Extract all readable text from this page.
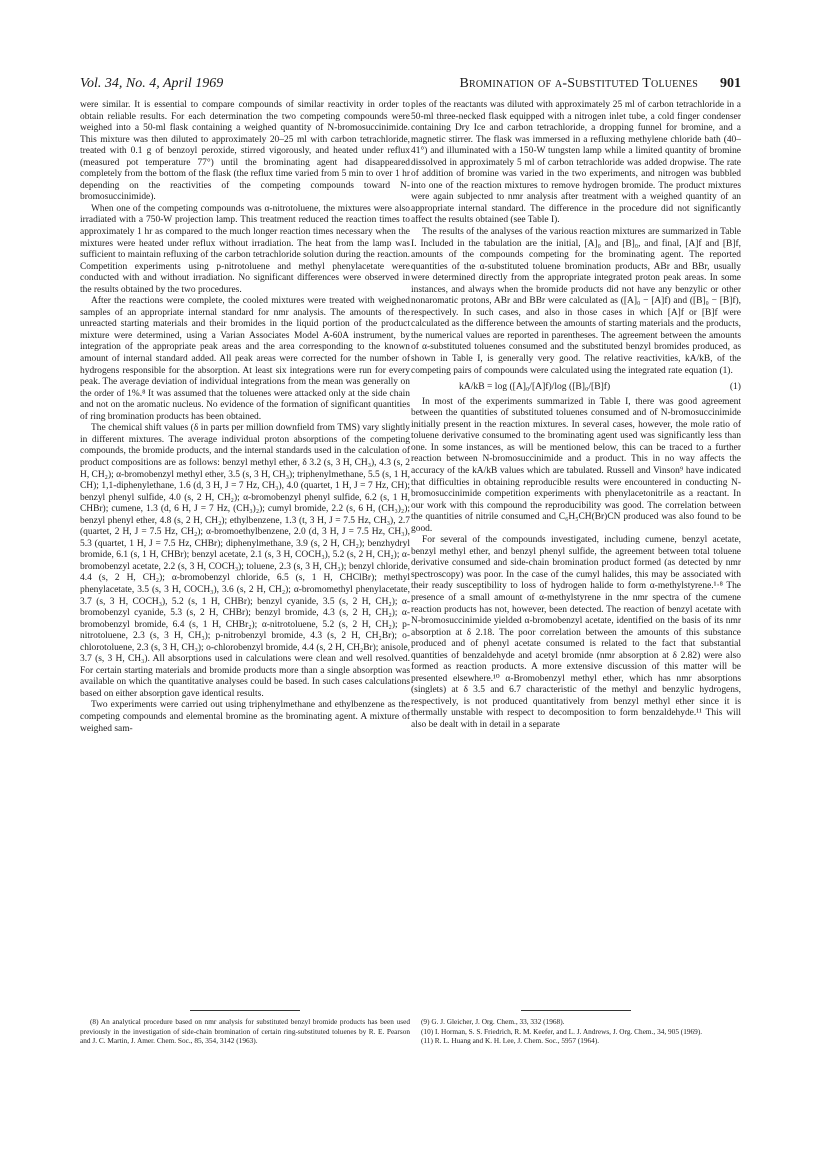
Vol. 34, No. 4, April 1969	Bromination of α-Substituted Toluenes 901

were similar. It is essential to compare compounds of similar reactivity in order to obtain reliable results. For each determination the two competing compounds were weighed into a 50-ml flask containing a weighed quantity of N-bromosuccinimide. This mixture was then diluted to approximately 20–25 ml with carbon tetrachloride, treated with 0.1 g of benzoyl peroxide, stirred vigorously, and heated under reflux (measured pot temperature 77°) until the brominating agent had disappeared completely from the bottom of the flask (the reflux time varied from 5 min to over 1 hr depending on the reactivities of the competing compounds toward N-bromosuccinimide).

When one of the competing compounds was α-nitrotoluene, the mixtures were also irradiated with a 750-W projection lamp. This treatment reduced the reaction times to approximately 1 hr as compared to the much longer reaction times necessary when the mixtures were heated under reflux without irradiation. The heat from the lamp was sufficient to maintain refluxing of the carbon tetrachloride solution during the reaction. Competition experiments using p-nitrotoluene and methyl phenylacetate were conducted with and without irradiation. No significant differences were observed in the results obtained by the two procedures.

After the reactions were complete, the cooled mixtures were treated with weighed samples of an appropriate internal standard for nmr analysis. The amounts of the unreacted starting materials and their bromides in the liquid portion of the product mixture were determined, using a Varian Associates Model A-60A instrument, by integration of the appropriate peak areas and the area corresponding to the known amount of internal standard added. All peak areas were corrected for the number of hydrogens responsible for the absorption. At least six integrations were run for every peak. The average deviation of individual integrations from the mean was generally on the order of 1%.⁸ It was assumed that the toluenes were attacked only at the side chain and not on the aromatic nucleus. No evidence of the formation of significant quantities of ring bromination products has been obtained.

The chemical shift values (δ in parts per million downfield from TMS) vary slightly in different mixtures. The average individual proton absorptions of the competing compounds, the bromide products, and the internal standards used in the calculation of product compositions are as follows: benzyl methyl ether, δ 3.2 (s, 3 H, CH₃), 4.3 (s, 2 H, CH₂); α-bromobenzyl methyl ether, 3.5 (s, 3 H, CH₃); triphenylmethane, 5.5 (s, 1 H, CH); 1,1-diphenylethane, 1.6 (d, 3 H, J = 7 Hz, CH₃), 4.0 (quartet, 1 H, J = 7 Hz, CH); benzyl phenyl sulfide, 4.0 (s, 2 H, CH₂); α-bromobenzyl phenyl sulfide, 6.2 (s, 1 H, CHBr); cumene, 1.3 (d, 6 H, J = 7 Hz, (CH₃)₂); cumyl bromide, 2.2 (s, 6 H, (CH₃)₂); benzyl phenyl ether, 4.8 (s, 2 H, CH₂); ethylbenzene, 1.3 (t, 3 H, J = 7.5 Hz, CH₃), 2.7 (quartet, 2 H, J = 7.5 Hz, CH₂); α-bromoethylbenzene, 2.0 (d, 3 H, J = 7.5 Hz, CH₃), 5.3 (quartet, 1 H, J = 7.5 Hz, CHBr); diphenylmethane, 3.9 (s, 2 H, CH₂); benzhydryl bromide, 6.1 (s, 1 H, CHBr); benzyl acetate, 2.1 (s, 3 H, COCH₃), 5.2 (s, 2 H, CH₂); α-bromobenzyl acetate, 2.2 (s, 3 H, COCH₃); toluene, 2.3 (s, 3 H, CH₃); benzyl chloride, 4.4 (s, 2 H, CH₂); α-bromobenzyl chloride, 6.5 (s, 1 H, CHClBr); methyl phenylacetate, 3.5 (s, 3 H, COCH₃), 3.6 (s, 2 H, CH₂); α-bromomethyl phenylacetate, 3.7 (s, 3 H, COCH₃), 5.2 (s, 1 H, CHBr); benzyl cyanide, 3.5 (s, 2 H, CH₂); α-bromobenzyl cyanide, 5.3 (s, 2 H, CHBr); benzyl bromide, 4.3 (s, 2 H, CH₂); α-bromobenzyl bromide, 6.4 (s, 1 H, CHBr₂); α-nitrotoluene, 5.2 (s, 2 H, CH₂); p-nitrotoluene, 2.3 (s, 3 H, CH₃); p-nitrobenzyl bromide, 4.3 (s, 2 H, CH₂Br); o-chlorotoluene, 2.3 (s, 3 H, CH₃); o-chlorobenzyl bromide, 4.4 (s, 2 H, CH₂Br); anisole, 3.7 (s, 3 H, CH₃). All absorptions used in calculations were clean and well resolved. For certain starting materials and bromide products more than a single absorption was available on which the quantitative analyses could be based. In such cases calculations based on either absorption gave identical results.

Two experiments were carried out using triphenylmethane and ethylbenzene as the competing compounds and elemental bromine as the brominating agent. A mixture of weighed sam-

ples of the reactants was diluted with approximately 25 ml of carbon tetrachloride in a 50-ml three-necked flask equipped with a nitrogen inlet tube, a cold finger condenser containing Dry Ice and carbon tetrachloride, a dropping funnel for bromine, and a magnetic stirrer. The flask was immersed in a refluxing methylene chloride bath (40–41°) and illuminated with a 150-W tungsten lamp while a limited quantity of bromine dissolved in approximately 5 ml of carbon tetrachloride was added dropwise. The rate of addition of bromine was varied in the two experiments, and nitrogen was bubbled into one of the reaction mixtures to remove hydrogen bromide. The product mixtures were again subjected to nmr analysis after treatment with a weighed quantity of an appropriate internal standard. The difference in the procedure did not significantly affect the results obtained (see Table I).

The results of the analyses of the various reaction mixtures are summarized in Table I. Included in the tabulation are the initial, [A]₀ and [B]₀, and final, [A]f and [B]f, amounts of the compounds competing for the brominating agent. The reported quantities of the α-substituted toluene bromination products, ABr and BBr, usually were determined directly from the appropriate integrated proton peak areas. In some instances, and always when the bromide products did not have any benzylic or other nonaromatic protons, ABr and BBr were calculated as ([A]₀ − [A]f) and ([B]₀ − [B]f), respectively. In such cases, and also in those cases in which [A]f or [B]f were calculated as the difference between the amounts of starting materials and the products, the numerical values are reported in parentheses. The agreement between the amounts of α-substituted toluenes consumed and the substituted benzyl bromides produced, as shown in Table I, is generally very good. The relative reactivities, kA/kB, of the competing pairs of compounds were calculated using the integrated rate equation (1).

kA/kB = log ([A]₀/[A]f)/log ([B]₀/[B]f)	(1)

In most of the experiments summarized in Table I, there was good agreement between the quantities of substituted toluenes consumed and of N-bromosuccinimide initially present in the reaction mixtures. In several cases, however, the mole ratio of toluene derivative consumed to the brominating agent used was significantly less than one. In some instances, as will be mentioned below, this can be traced to a further reaction between N-bromosuccinimide and a product. This in no way affects the accuracy of the kA/kB values which are tabulated. Russell and Vinson⁹ have indicated that difficulties in obtaining reproducible results were encountered in conducting N-bromosuccinimide competition experiments with phenylacetonitrile as a reactant. In our work with this compound the reproducibility was good. The correlation between the quantities of nitrile consumed and C₆H₅CH(Br)CN produced was also found to be good.

For several of the compounds investigated, including cumene, benzyl acetate, benzyl methyl ether, and benzyl phenyl sulfide, the agreement between total toluene derivative consumed and side-chain bromination product formed (as detected by nmr spectroscopy) was poor. In the case of the cumyl halides, this may be associated with their ready susceptibility to loss of hydrogen halide to form α-methylstyrene.¹·⁸ The presence of a small amount of α-methylstyrene in the nmr spectra of the cumene reaction products has not, however, been detected. The reaction of benzyl acetate with N-bromosuccinimide yielded α-bromobenzyl acetate, identified on the basis of its nmr absorption at δ 2.18. The poor correlation between the amounts of this substance produced and of phenyl acetate consumed is related to the fact that substantial quantities of benzaldehyde and acetyl bromide (nmr absorption at δ 2.82) were also formed as reaction products. A more extensive discussion of this matter will be presented elsewhere.¹⁰ α-Bromobenzyl methyl ether, which has nmr absorptions (singlets) at δ 3.5 and 6.7 characteristic of the methyl and benzylic hydrogens, respectively, is not produced quantitatively from benzyl methyl ether since it is thermally unstable with respect to decomposition to form benzaldehyde.¹¹ This will also be dealt with in detail in a separate

(8) An analytical procedure based on nmr analysis for substituted benzyl bromide products has been used previously in the investigation of side-chain bromination of certain ring-substituted toluenes by R. E. Pearson and J. C. Martin, J. Amer. Chem. Soc., 85, 354, 3142 (1963).

(9) G. J. Gleicher, J. Org. Chem., 33, 332 (1968).

(10) I. Horman, S. S. Friedrich, R. M. Keefer, and L. J. Andrews, J. Org. Chem., 34, 905 (1969).

(11) R. L. Huang and K. H. Lee, J. Chem. Soc., 5957 (1964).
